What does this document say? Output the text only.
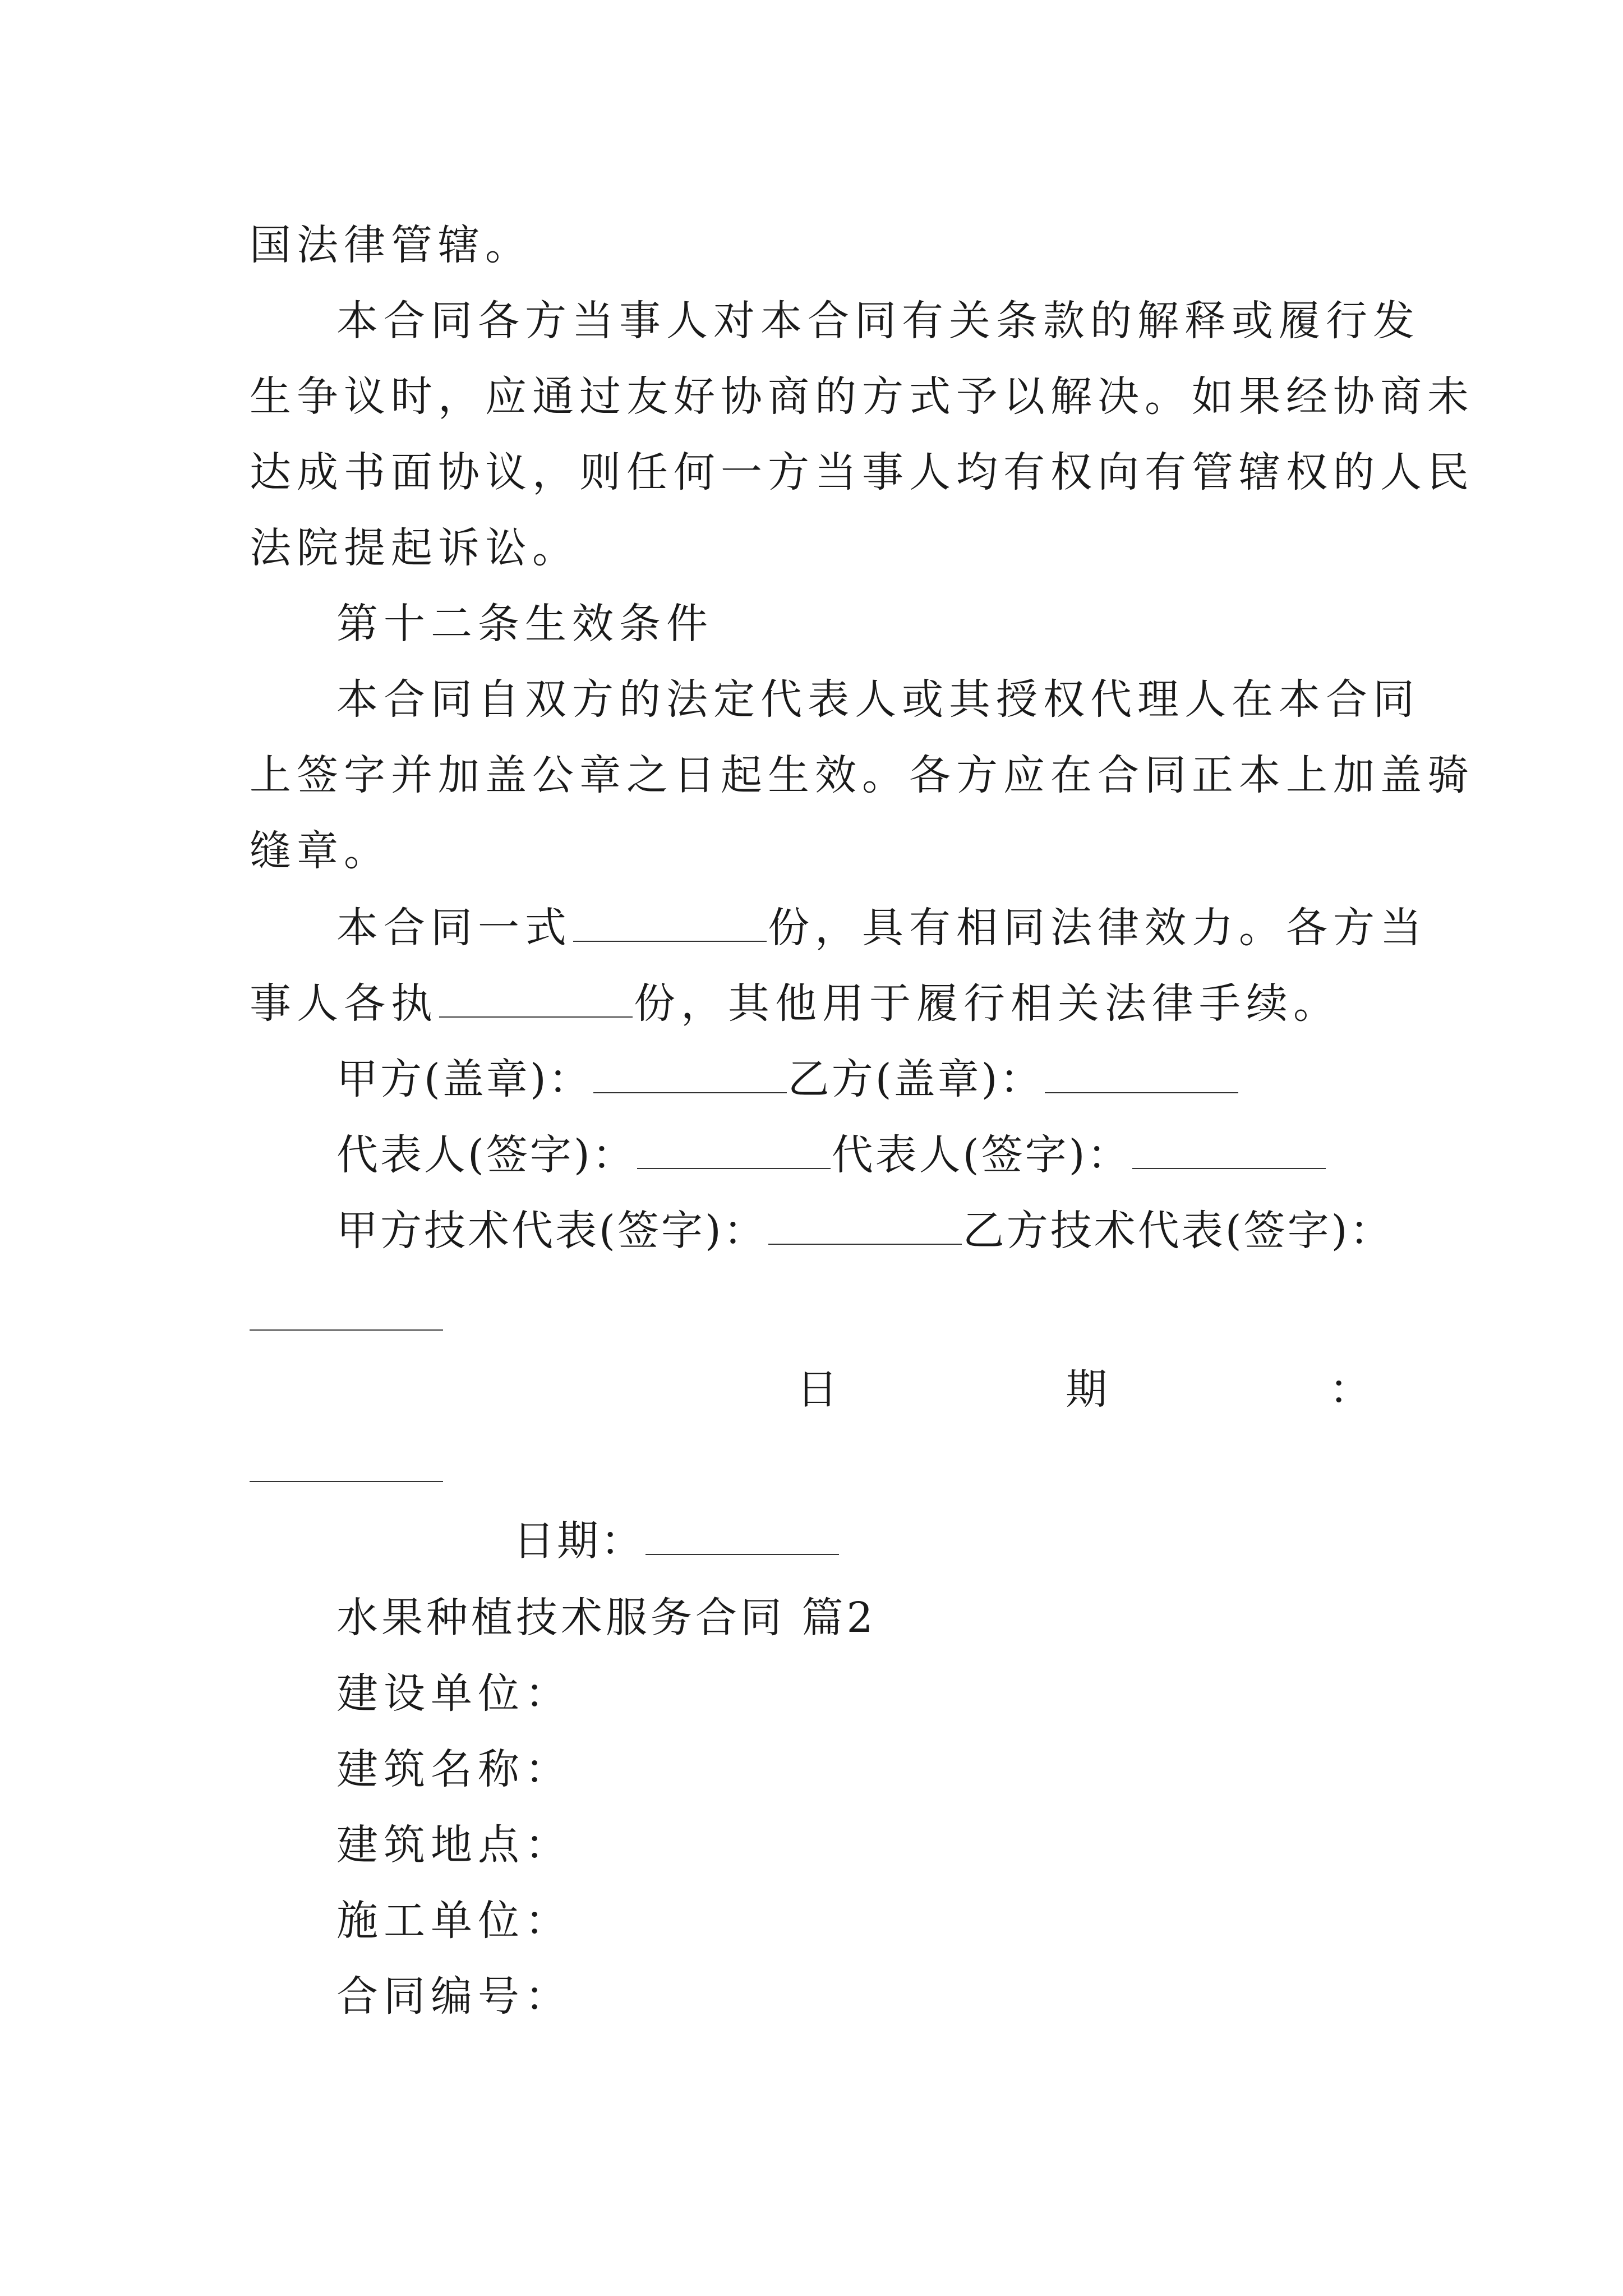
国法律管辖。
本合同各方当事人对本合同有关条款的解释或履行发
生争议时，应通过友好协商的方式予以解决。如果经协商未
达成书面协议，则任何一方当事人均有权向有管辖权的人民
法院提起诉讼。
第十二条生效条件
本合同自双方的法定代表人或其授权代理人在本合同
上签字并加盖公章之日起生效。各方应在合同正本上加盖骑
缝章。
本合同一式	份，具有相同法律效力。各方当
事人各执	份，其他用于履行相关法律手续。
甲方(盖章)：	乙方(盖章)：
代表人(签字)：	代表人(签字)：
甲方技术代表(签字)：	乙方技术代表(签字)：
日	期	：
日期：
水果种植技术服务合同 篇2
建设单位：
建筑名称：
建筑地点：
施工单位：
合同编号：
